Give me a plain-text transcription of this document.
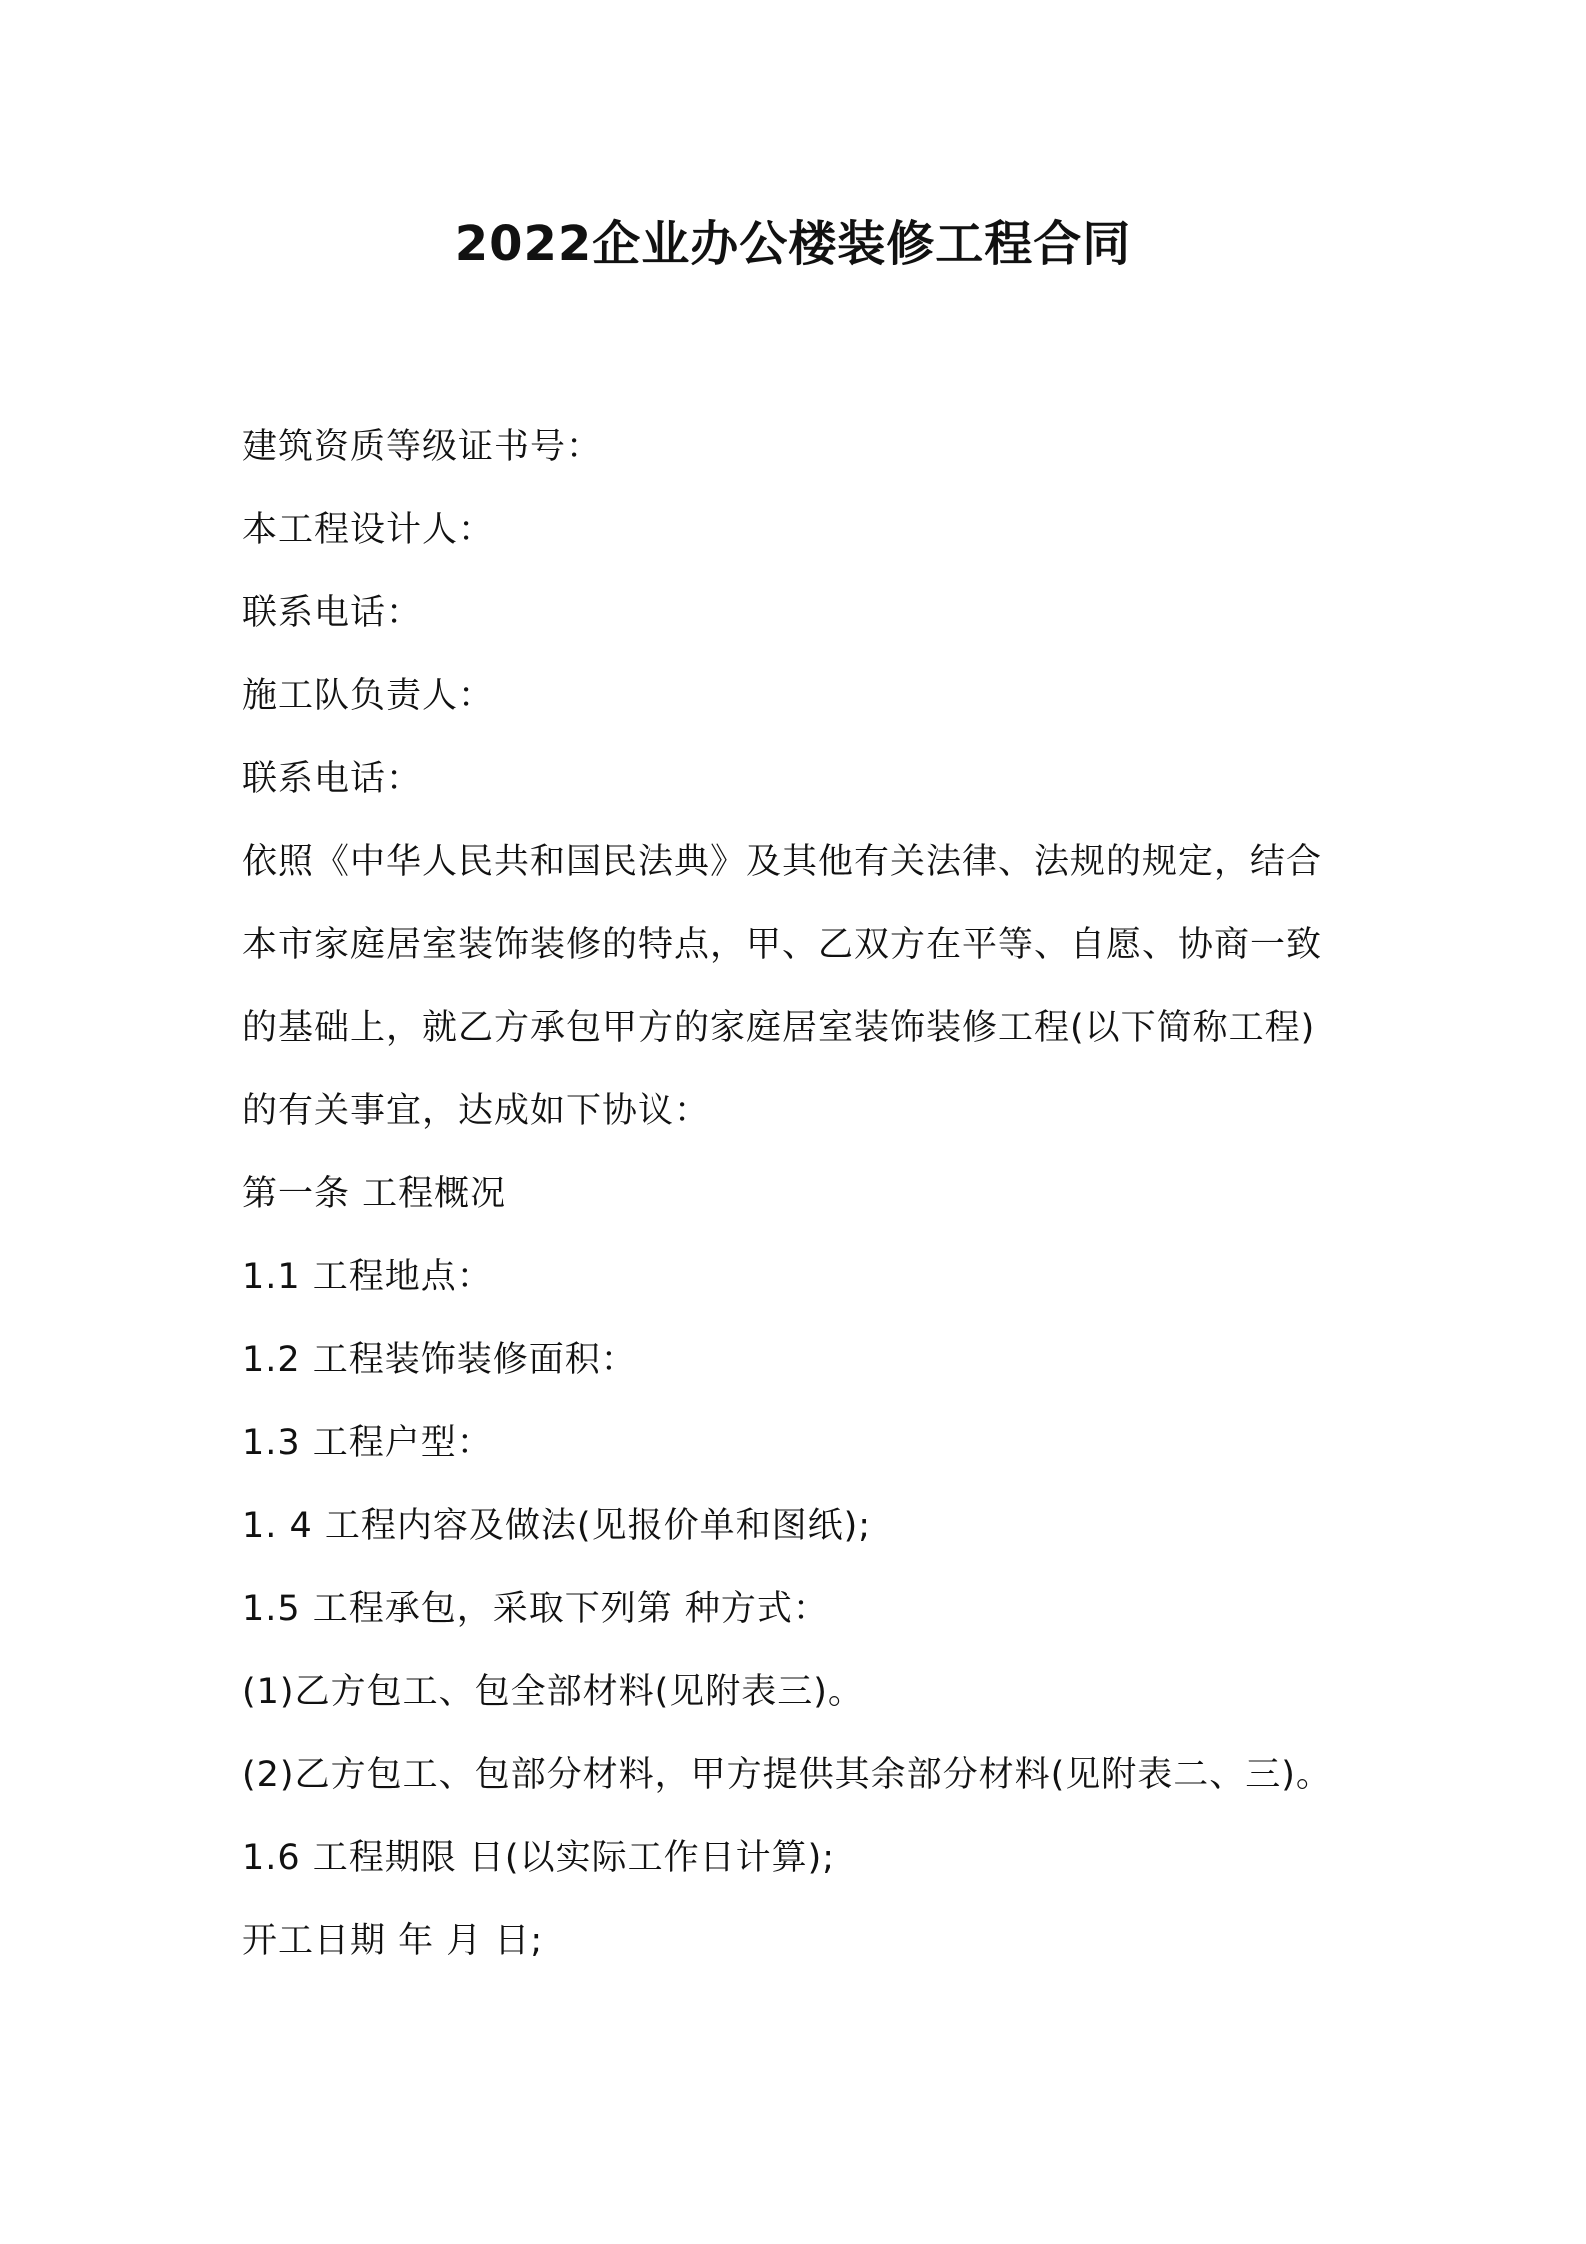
2022企业办公楼装修工程合同

建筑资质等级证书号：

本工程设计人：

联系电话：

施工队负责人：

联系电话：

依照《中华人民共和国民法典》及其他有关法律、法规的规定，结合

本市家庭居室装饰装修的特点，甲、乙双方在平等、自愿、协商一致

的基础上，就乙方承包甲方的家庭居室装饰装修工程(以下简称工程)

的有关事宜，达成如下协议：

第一条 工程概况

1.1 工程地点：

1.2 工程装饰装修面积：

1.3 工程户型：

1. 4 工程内容及做法(见报价单和图纸);

1.5 工程承包，采取下列第 种方式：

(1)乙方包工、包全部材料(见附表三)。

(2)乙方包工、包部分材料，甲方提供其余部分材料(见附表二、三)。

1.6 工程期限 日(以实际工作日计算);

开工日期 年 月 日;
